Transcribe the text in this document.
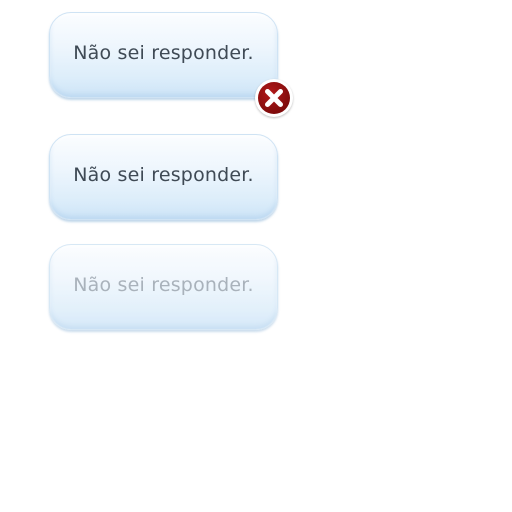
Não sei responder.
Não sei responder.
Não sei responder.
